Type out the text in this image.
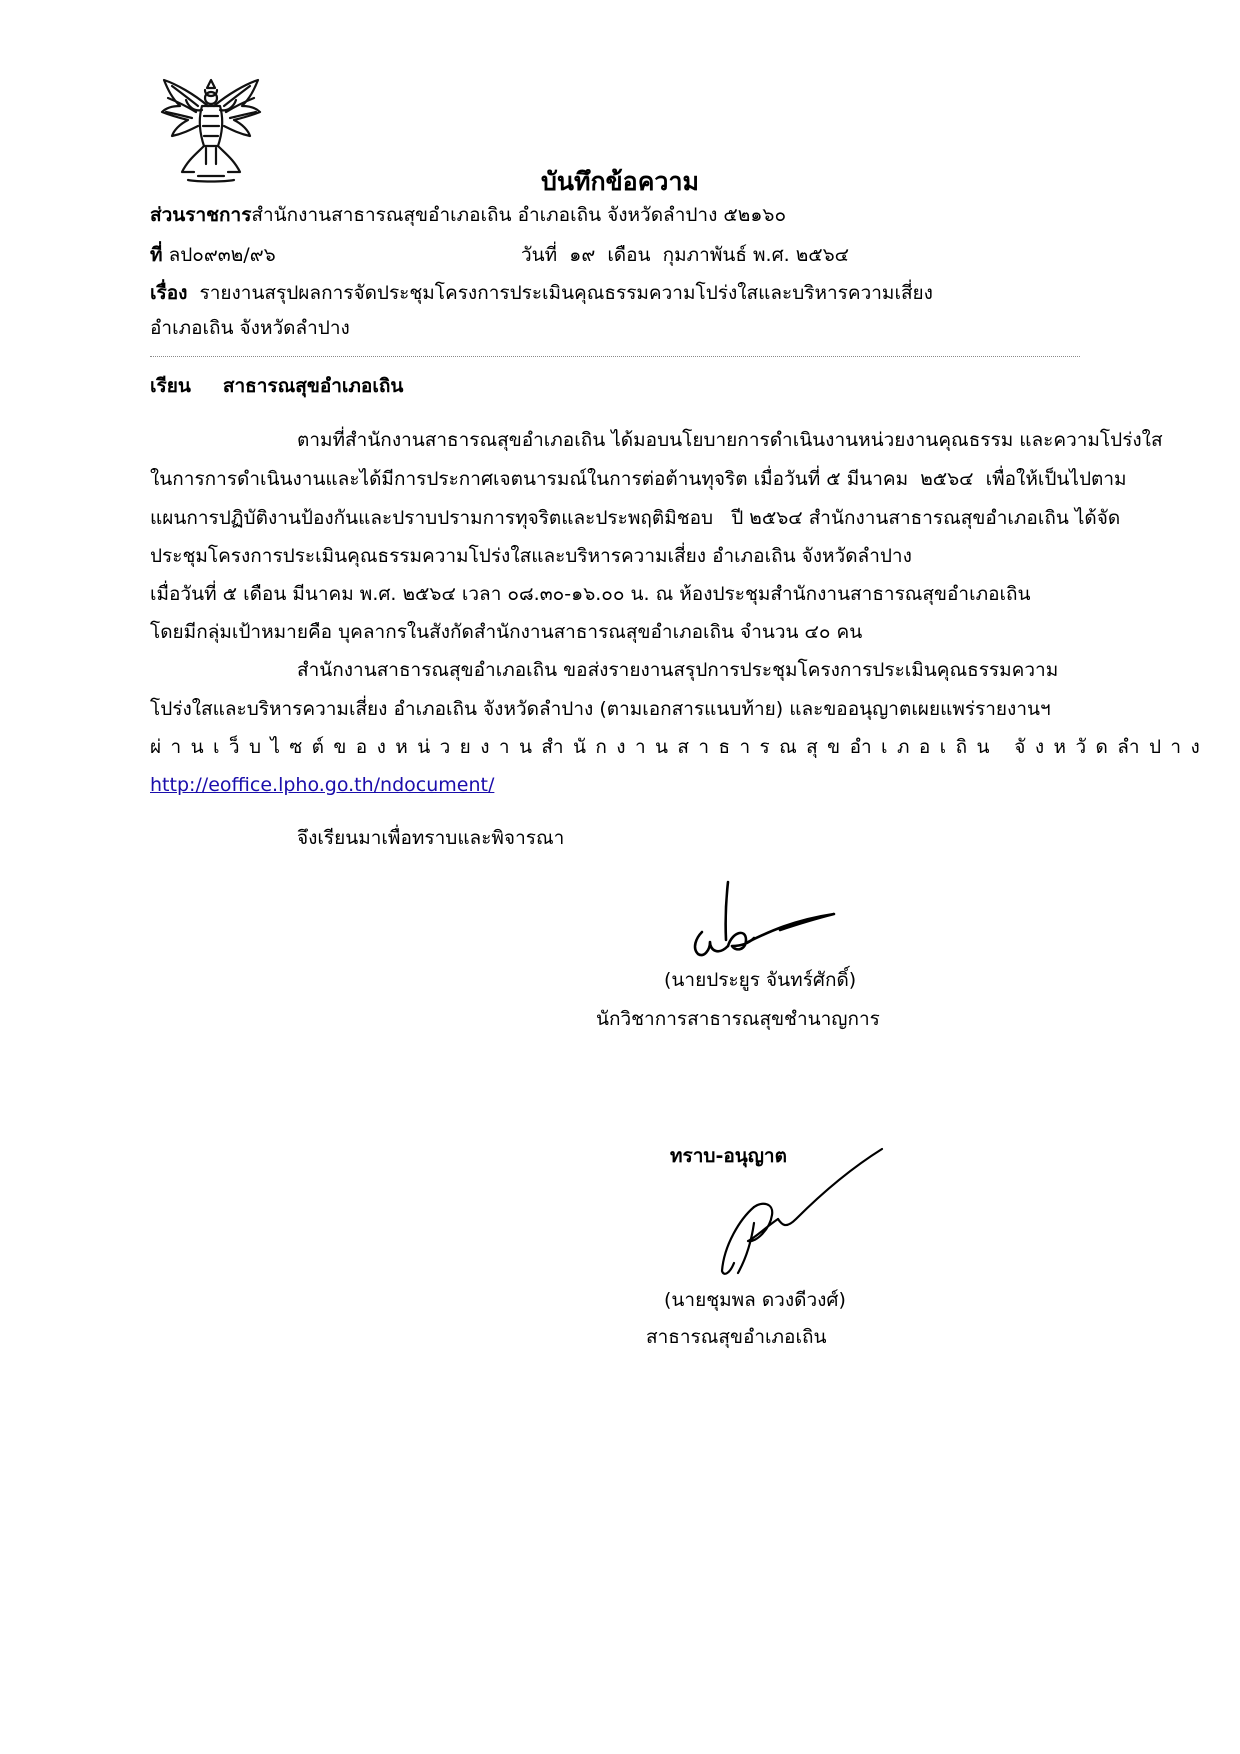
บันทึกข้อความ
ส่วนราชการสำนักงานสาธารณสุขอำเภอเถิน อำเภอเถิน จังหวัดลำปาง ๕๒๑๖๐
ที่ ลป๐๙๓๒/๙๖	วันที่  ๑๙  เดือน  กุมภาพันธ์ พ.ศ. ๒๕๖๔
เรื่อง รายงานสรุปผลการจัดประชุมโครงการประเมินคุณธรรมความโปร่งใสและบริหารความเสี่ยง
อำเภอเถิน จังหวัดลำปาง
เรียน สาธารณสุขอำเภอเถิน
ตามที่สำนักงานสาธารณสุขอำเภอเถิน ได้มอบนโยบายการดำเนินงานหน่วยงานคุณธรรม และความโปร่งใส
ในการการดำเนินงานและได้มีการประกาศเจตนารมณ์ในการต่อต้านทุจริต เมื่อวันที่ ๕ มีนาคม  ๒๕๖๔  เพื่อให้เป็นไปตาม
แผนการปฏิบัติงานป้องกันและปราบปรามการทุจริตและประพฤติมิชอบ   ปี ๒๕๖๔ สำนักงานสาธารณสุขอำเภอเถิน ได้จัด
ประชุมโครงการประเมินคุณธรรมความโปร่งใสและบริหารความเสี่ยง อำเภอเถิน จังหวัดลำปาง
เมื่อวันที่ ๕ เดือน มีนาคม พ.ศ. ๒๕๖๔ เวลา ๐๘.๓๐-๑๖.๐๐ น. ณ ห้องประชุมสำนักงานสาธารณสุขอำเภอเถิน
โดยมีกลุ่มเป้าหมายคือ บุคลากรในสังกัดสำนักงานสาธารณสุขอำเภอเถิน จำนวน ๔๐ คน
สำนักงานสาธารณสุขอำเภอเถิน ขอส่งรายงานสรุปการประชุมโครงการประเมินคุณธรรมความ
โปร่งใสและบริหารความเสี่ยง อำเภอเถิน จังหวัดลำปาง (ตามเอกสารแนบท้าย) และขออนุญาตเผยแพร่รายงานฯ
ผ่านเว็บไซต์ของหน่วยงานสำนักงานสาธารณสุขอำเภอเถิน จังหวัดลำปาง
http://eoffice.lpho.go.th/ndocument/
จึงเรียนมาเพื่อทราบและพิจารณา
(นายประยูร จันทร์ศักดิ์)
นักวิชาการสาธารณสุขชำนาญการ
ทราบ-อนุญาต
(นายชุมพล ดวงดีวงศ์)
สาธารณสุขอำเภอเถิน
